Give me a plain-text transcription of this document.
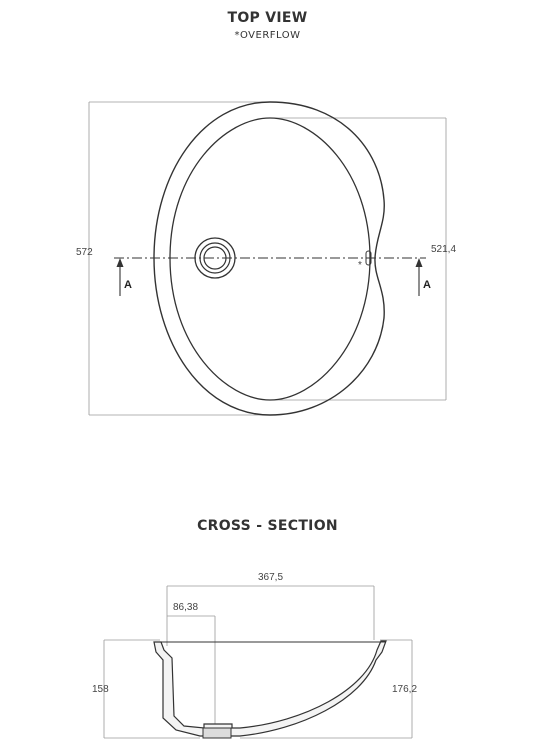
TOP VIEW
*OVERFLOW
CROSS - SECTION
*
A	A
572	521,4
367,5
86,38
158	176,2
